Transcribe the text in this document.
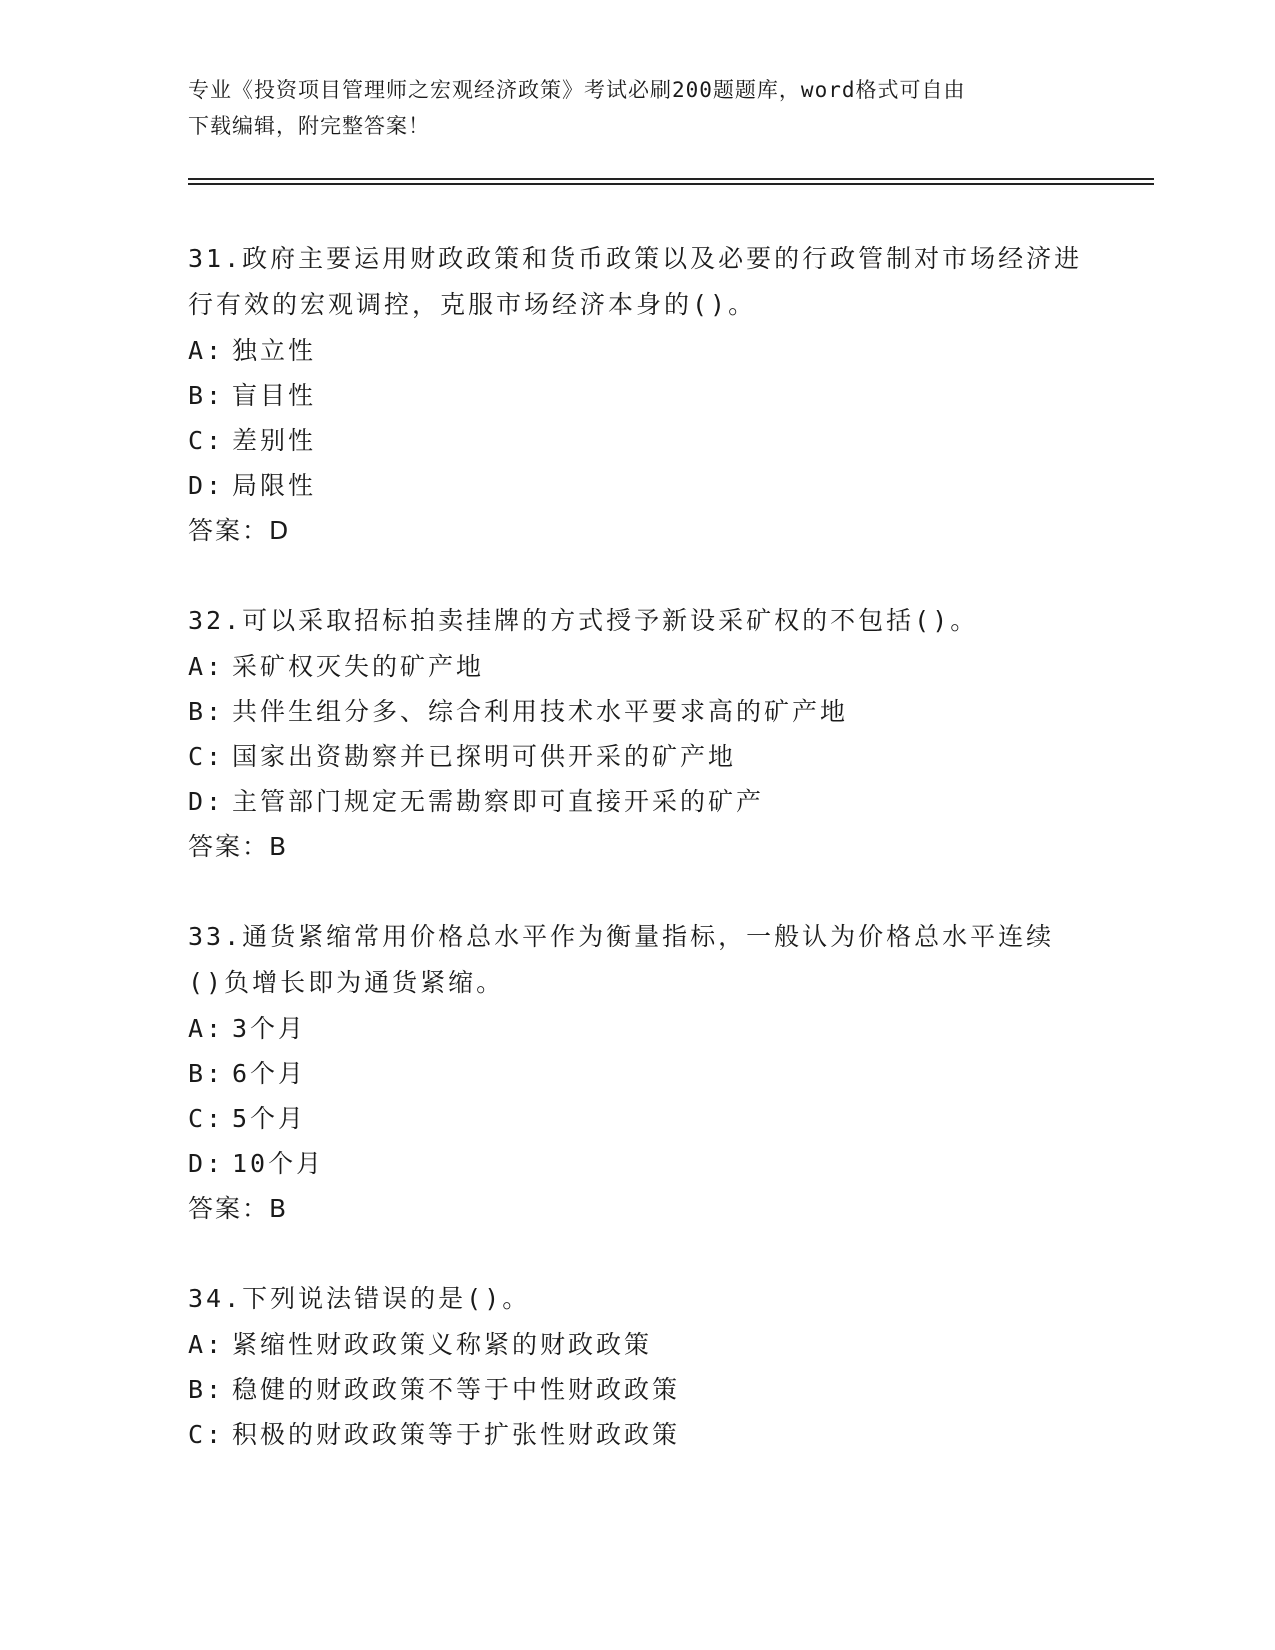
专业《投资项目管理师之宏观经济政策》考试必刷200题题库，word格式可自由
下载编辑，附完整答案！
31.政府主要运用财政政策和货币政策以及必要的行政管制对市场经济进行有效的宏观调控，克服市场经济本身的()。
A: 独立性
B: 盲目性
C: 差别性
D: 局限性
答案：D
32.可以采取招标拍卖挂牌的方式授予新设采矿权的不包括()。
A: 采矿权灭失的矿产地
B: 共伴生组分多、综合利用技术水平要求高的矿产地
C: 国家出资勘察并已探明可供开采的矿产地
D: 主管部门规定无需勘察即可直接开采的矿产
答案：B
33.通货紧缩常用价格总水平作为衡量指标，一般认为价格总水平连续()负增长即为通货紧缩。
A: 3个月
B: 6个月
C: 5个月
D: 10个月
答案：B
34.下列说法错误的是()。
A: 紧缩性财政政策义称紧的财政政策
B: 稳健的财政政策不等于中性财政政策
C: 积极的财政政策等于扩张性财政政策
